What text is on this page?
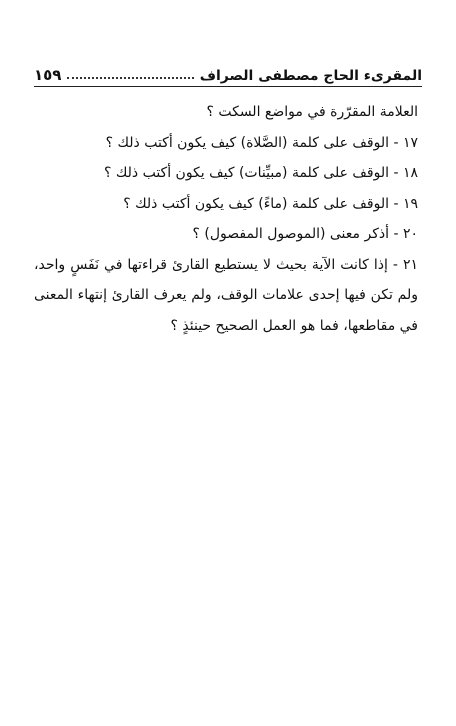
المقرىء الحاج مصطفى الصراف
١٥٩

العلامة المقرّرة في مواضع السكت ؟

١٧ - الوقف على كلمة (الصَّلاة) كيف يكون أكتب ذلك ؟

١٨ - الوقف على كلمة (مبيِّنات) كيف يكون أكتب ذلك ؟

١٩ - الوقف على كلمة (ماءً) كيف يكون أكتب ذلك ؟

٢٠ - أذكر معنى (الموصول المفصول) ؟

٢١ - إذا كانت الآية بحيث لا يستطيع القارئ قراءتها في نَفَسٍ واحد،

ولم تكن فيها إحدى علامات الوقف، ولم يعرف القارئ إنتهاء المعنى

في مقاطعها، فما هو العمل الصحيح حينئذٍ ؟
